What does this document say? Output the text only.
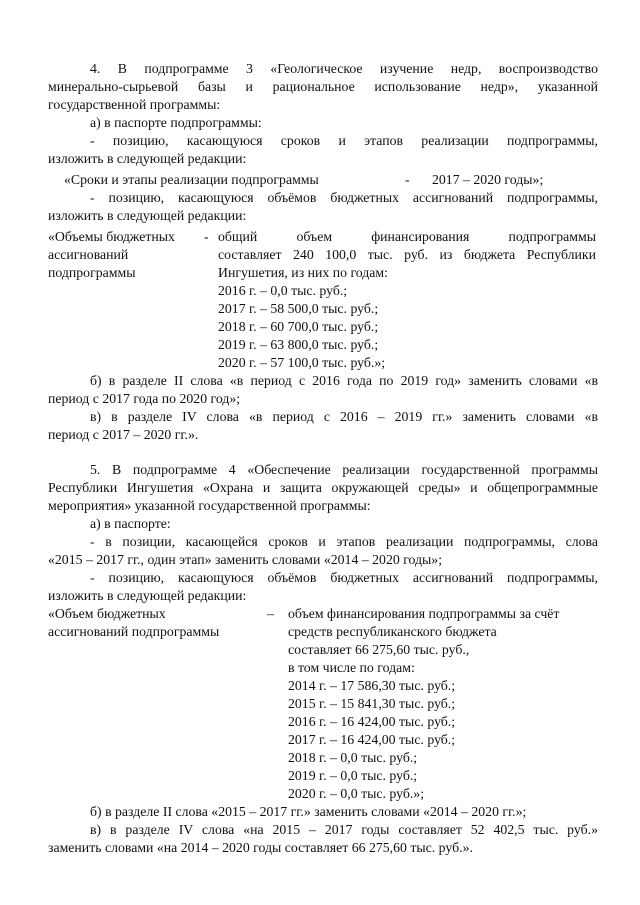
4. В подпрограмме 3 «Геологическое изучение недр, воспроизводство
минерально-сырьевой базы и рациональное использование недр», указанной
государственной программы:
а) в паспорте подпрограммы:
- позицию, касающуюся сроков и этапов реализации подпрограммы,
изложить в следующей редакции:
«Сроки и этапы реализации подпрограммы	- 2017 – 2020 годы»;
- позицию, касающуюся объёмов бюджетных ассигнований подпрограммы,
изложить в следующей редакции:
«Объемы бюджетных
ассигнований
подпрограммы
- общий объем финансирования подпрограммы
составляет 240 100,0 тыс. руб. из бюджета Республики
Ингушетия, из них по годам:
2016 г. – 0,0 тыс. руб.;
2017 г. – 58 500,0 тыс. руб.;
2018 г. – 60 700,0 тыс. руб.;
2019 г. – 63 800,0 тыс. руб.;
2020 г. – 57 100,0 тыс. руб.»;
б) в разделе II слова «в период с 2016 года по 2019 год» заменить словами «в
период с 2017 года по 2020 год»;
в) в разделе IV слова «в период с 2016 – 2019 гг.» заменить словами «в
период с 2017 – 2020 гг.».
5. В подпрограмме 4 «Обеспечение реализации государственной программы
Республики Ингушетия «Охрана и защита окружающей среды» и общепрограммные
мероприятия» указанной государственной программы:
а) в паспорте:
- в позиции, касающейся сроков и этапов реализации подпрограммы, слова
«2015 – 2017 гг., один этап» заменить словами «2014 – 2020 годы»;
- позицию, касающуюся объёмов бюджетных ассигнований подпрограммы,
изложить в следующей редакции:
«Объем бюджетных
ассигнований подпрограммы
– объем финансирования подпрограммы за счёт
средств республиканского бюджета
составляет 66 275,60 тыс. руб.,
в том числе по годам:
2014 г. – 17 586,30 тыс. руб.;
2015 г. – 15 841,30 тыс. руб.;
2016 г. – 16 424,00 тыс. руб.;
2017 г. – 16 424,00 тыс. руб.;
2018 г. – 0,0 тыс. руб.;
2019 г. – 0,0 тыс. руб.;
2020 г. – 0,0 тыс. руб.»;
б) в разделе II слова «2015 – 2017 гг.» заменить словами «2014 – 2020 гг.»;
в) в разделе IV слова «на 2015 – 2017 годы составляет 52 402,5 тыс. руб.»
заменить словами «на 2014 – 2020 годы составляет 66 275,60 тыс. руб.».
